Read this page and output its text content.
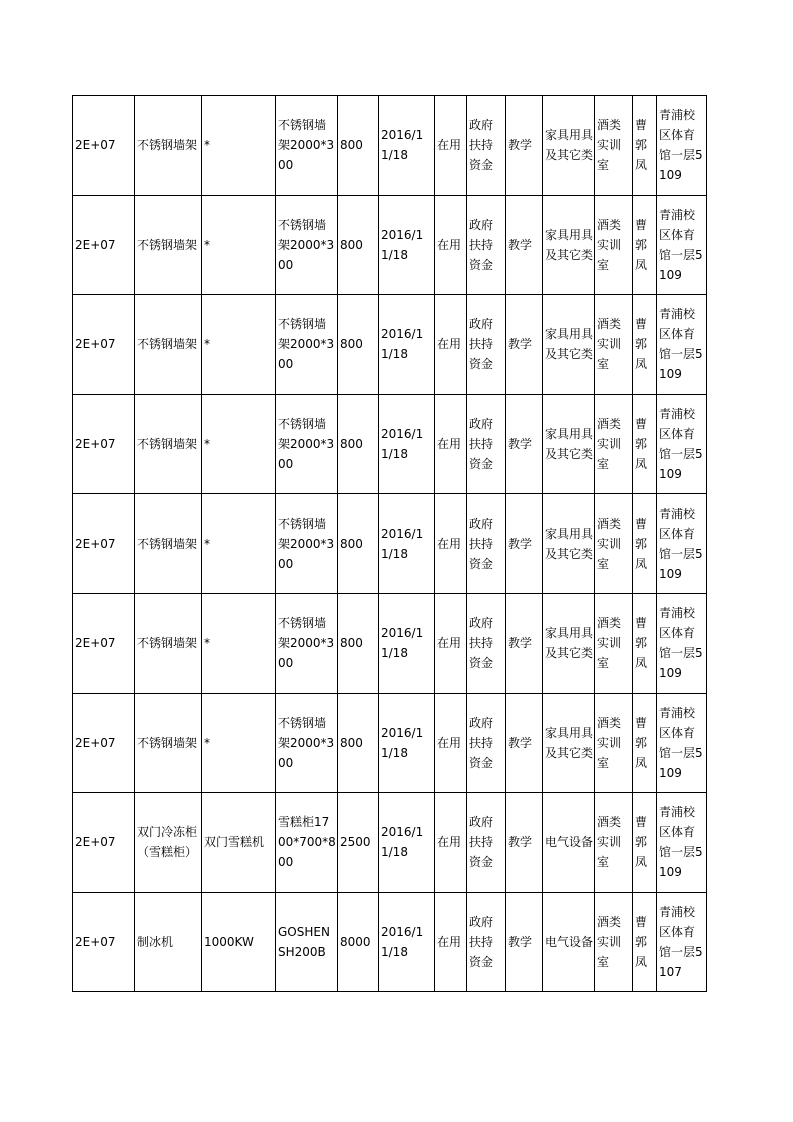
2E+07	不锈钢墙架	*	不锈钢墙架2000*300	800	2016/11/18	在用	政府扶持资金	教学	家具用具及其它类	酒类实训室	曹郭凤	青浦校区体育馆一层5109

2E+07	不锈钢墙架	*	不锈钢墙架2000*300	800	2016/11/18	在用	政府扶持资金	教学	家具用具及其它类	酒类实训室	曹郭凤	青浦校区体育馆一层5109

2E+07	不锈钢墙架	*	不锈钢墙架2000*300	800	2016/11/18	在用	政府扶持资金	教学	家具用具及其它类	酒类实训室	曹郭凤	青浦校区体育馆一层5109

2E+07	不锈钢墙架	*	不锈钢墙架2000*300	800	2016/11/18	在用	政府扶持资金	教学	家具用具及其它类	酒类实训室	曹郭凤	青浦校区体育馆一层5109

2E+07	不锈钢墙架	*	不锈钢墙架2000*300	800	2016/11/18	在用	政府扶持资金	教学	家具用具及其它类	酒类实训室	曹郭凤	青浦校区体育馆一层5109

2E+07	不锈钢墙架	*	不锈钢墙架2000*300	800	2016/11/18	在用	政府扶持资金	教学	家具用具及其它类	酒类实训室	曹郭凤	青浦校区体育馆一层5109

2E+07	不锈钢墙架	*	不锈钢墙架2000*300	800	2016/11/18	在用	政府扶持资金	教学	家具用具及其它类	酒类实训室	曹郭凤	青浦校区体育馆一层5109

2E+07	双门冷冻柜（雪糕柜）	双门雪糕机	雪糕柜1700*700*800	2500	2016/11/18	在用	政府扶持资金	教学	电气设备	酒类实训室	曹郭凤	青浦校区体育馆一层5109

2E+07	制冰机	1000KW	GOSHENSH200B	8000	2016/11/18	在用	政府扶持资金	教学	电气设备	酒类实训室	曹郭凤	青浦校区体育馆一层5107
